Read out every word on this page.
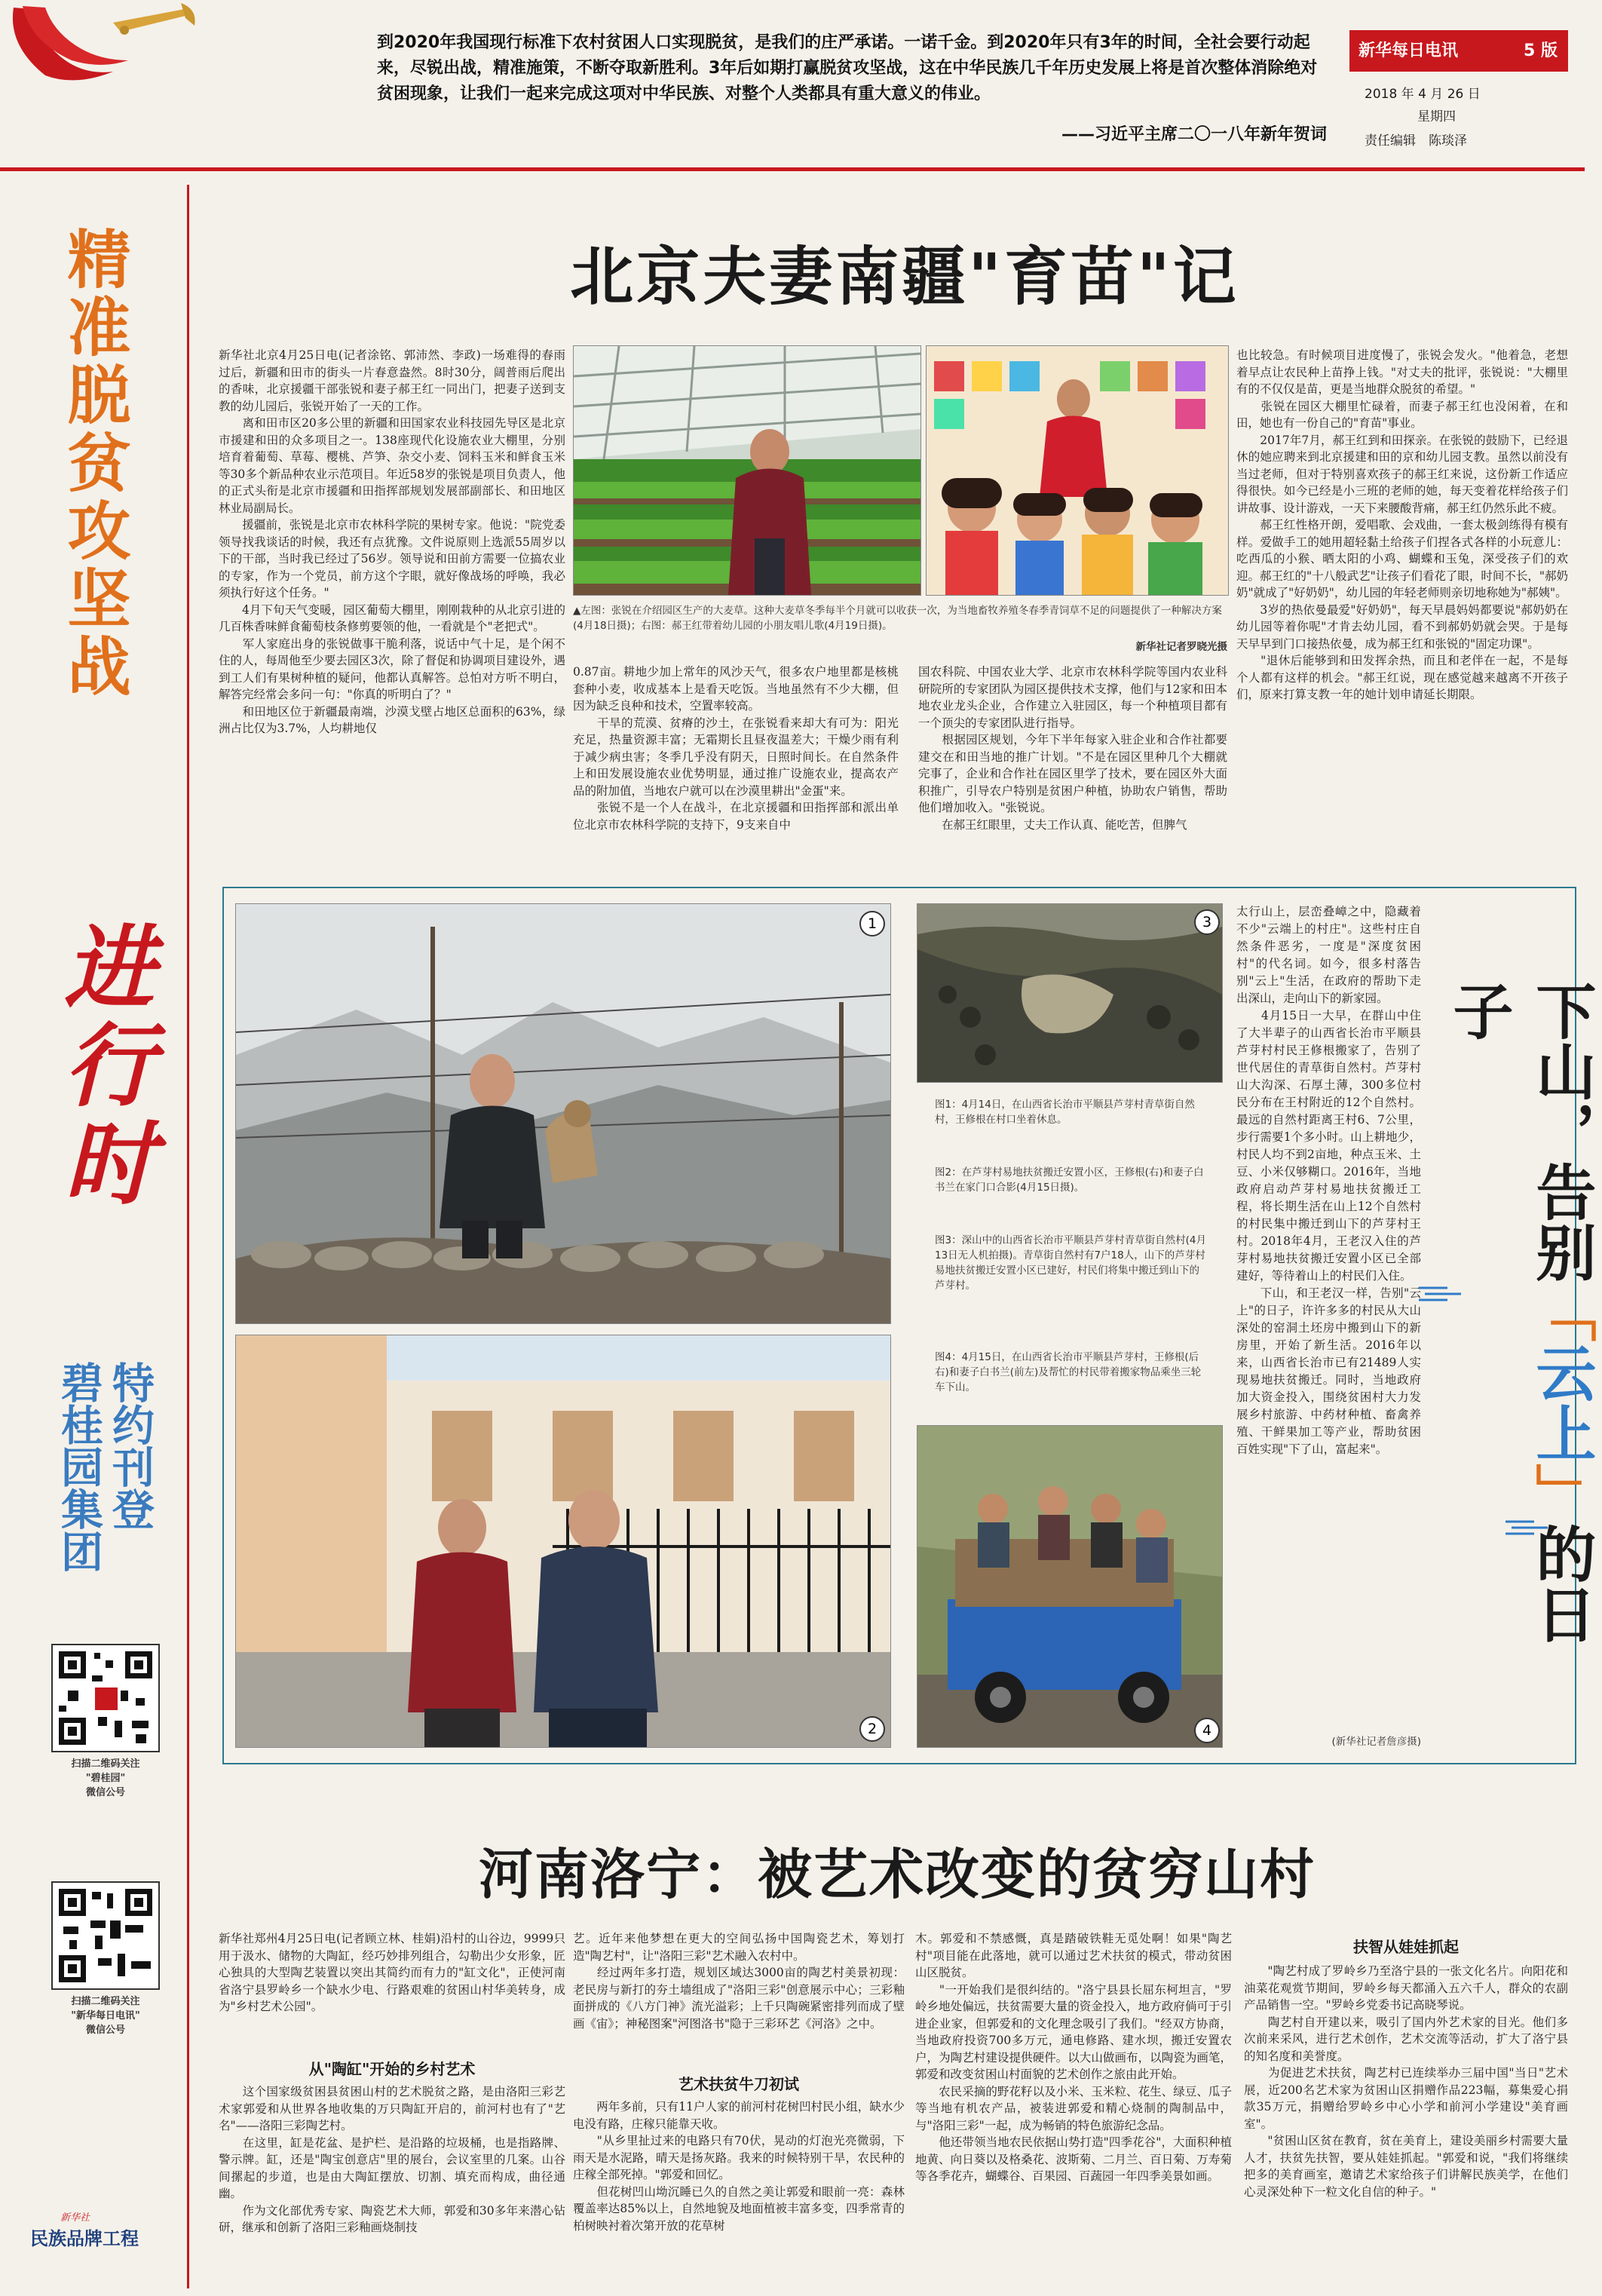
到2020年我国现行标准下农村贫困人口实现脱贫，是我们的庄严承诺。一诺千金。到2020年只有3年的时间，全社会要行动起来，尽锐出战，精准施策，不断夺取新胜利。3年后如期打赢脱贫攻坚战，这在中华民族几千年历史发展上将是首次整体消除绝对贫困现象，让我们一起来完成这项对中华民族、对整个人类都具有重大意义的伟业。
——习近平主席二〇一八年新年贺词
新华每日电讯	5 版
2018 年 4 月 26 日
星期四
责任编辑　陈琰泽
精准脱贫攻坚战
进行时
特约刊登
碧桂园集团
扫描二维码关注
"碧桂园"
微信公号
扫描二维码关注
"新华每日电讯"
微信公号
新华社
民族品牌工程
北京夫妻南疆"育苗"记
新华社北京4月25日电(记者涂铭、郭沛然、李政)一场难得的春雨过后，新疆和田市的街头一片春意盎然。8时30分，阔普雨后爬出的香味，北京援疆干部张锐和妻子郝王红一同出门，把妻子送到支教的幼儿园后，张锐开始了一天的工作。
　　离和田市区20多公里的新疆和田国家农业科技园先导区是北京市援建和田的众多项目之一。138座现代化设施农业大棚里，分别培育着葡萄、草莓、樱桃、芦笋、杂交小麦、饲料玉米和鲜食玉米等30多个新品种农业示范项目。年近58岁的张锐是项目负责人，他的正式头衔是北京市援疆和田指挥部规划发展部副部长、和田地区林业局副局长。
　　援疆前，张锐是北京市农林科学院的果树专家。他说："院党委领导找我谈话的时候，我还有点犹豫。文件说原则上选派55周岁以下的干部，当时我已经过了56岁。领导说和田前方需要一位搞农业的专家，作为一个党员，前方这个字眼，就好像战场的呼唤，我必须执行好这个任务。"
　　4月下旬天气变暖，园区葡萄大棚里，刚刚栽种的从北京引进的几百株香味鲜食葡萄枝条修剪要领的他，一看就是个"老把式"。
　　军人家庭出身的张锐做事干脆利落，说话中气十足，是个闲不住的人，每周他至少要去园区3次，除了督促和协调项目建设外，遇到工人们有果树种植的疑问，他都认真解答。总怕对方听不明白，解答完经常会多问一句："你真的听明白了？"
　　和田地区位于新疆最南端，沙漠戈壁占地区总面积的63%，绿洲占比仅为3.7%，人均耕地仅
▲左图：张锐在介绍园区生产的大麦草。这种大麦草冬季每半个月就可以收获一次，为当地畜牧养殖冬春季青饲草不足的问题提供了一种解决方案(4月18日摄)；右图：郝王红带着幼儿园的小朋友唱儿歌(4月19日摄)。
新华社记者罗晓光摄
0.87亩。耕地少加上常年的风沙天气，很多农户地里都是核桃套种小麦，收成基本上是看天吃饭。当地虽然有不少大棚，但因为缺乏良种和技术，空置率较高。
　　干旱的荒漠、贫瘠的沙土，在张锐看来却大有可为：阳光充足，热量资源丰富；无霜期长且昼夜温差大；干燥少雨有利于减少病虫害；冬季几乎没有阴天，日照时间长。在自然条件上和田发展设施农业优势明显，通过推广设施农业，提高农产品的附加值，当地农户就可以在沙漠里耕出"金蛋"来。
　　张锐不是一个人在战斗，在北京援疆和田指挥部和派出单位北京市农林科学院的支持下，9支来自中
国农科院、中国农业大学、北京市农林科学院等国内农业科研院所的专家团队为园区提供技术支撑，他们与12家和田本地农业龙头企业，合作建立入驻园区，每一个种植项目都有一个顶尖的专家团队进行指导。
　　根据园区规划，今年下半年每家入驻企业和合作社都要建交在和田当地的推广计划。"不是在园区里种几个大棚就完事了，企业和合作社在园区里学了技术，要在园区外大面积推广，引导农户特别是贫困户种植，协助农户销售，帮助他们增加收入。"张锐说。
　　在郝王红眼里，丈夫工作认真、能吃苦，但脾气
也比较急。有时候项目进度慢了，张锐会发火。"他着急，老想着早点让农民种上苗挣上钱。"对丈夫的批评，张锐说："大棚里有的不仅仅是苗，更是当地群众脱贫的希望。"
　　张锐在园区大棚里忙碌着，而妻子郝王红也没闲着，在和田，她也有一份自己的"育苗"事业。
　　2017年7月，郝王红到和田探亲。在张锐的鼓励下，已经退休的她应聘来到北京援建和田的京和幼儿园支教。虽然以前没有当过老师，但对于特别喜欢孩子的郝王红来说，这份新工作适应得很快。如今已经是小三班的老师的她，每天变着花样给孩子们讲故事、设计游戏，一天下来腰酸背痛，郝王红仍然乐此不疲。
　　郝王红性格开朗，爱唱歌、会戏曲，一套太极剑练得有模有样。爱做手工的她用超轻黏土给孩子们捏各式各样的小玩意儿：吃西瓜的小猴、晒太阳的小鸡、蝴蝶和玉兔，深受孩子们的欢迎。郝王红的"十八般武艺"让孩子们看花了眼，时间不长，"郝奶奶"就成了"好奶奶"，幼儿园的年轻老师则亲切地称她为"郝姨"。
　　3岁的热依曼最爱"好奶奶"，每天早晨妈妈都要说"郝奶奶在幼儿园等着你呢"才肯去幼儿园，看不到郝奶奶就会哭。于是每天早早到门口接热依曼，成为郝王红和张锐的"固定功课"。
　　"退休后能够到和田发挥余热，而且和老伴在一起，不是每个人都有这样的机会。"郝王红说，现在感觉越来越离不开孩子们，原来打算支教一年的她计划申请延长期限。
1
2
3
图1：4月14日，在山西省长治市平顺县芦芽村青草街自然村，王修根在村口坐着休息。
图2：在芦芽村易地扶贫搬迁安置小区，王修根(右)和妻子白书兰在家门口合影(4月15日摄)。
图3：深山中的山西省长治市平顺县芦芽村青草街自然村(4月13日无人机拍摄)。青草街自然村有7户18人，山下的芦芽村易地扶贫搬迁安置小区已建好，村民们将集中搬迁到山下的芦芽村。
图4：4月15日，在山西省长治市平顺县芦芽村，王修根(后右)和妻子白书兰(前左)及帮忙的村民带着搬家物品乘坐三轮车下山。
4
太行山上，层峦叠嶂之中，隐藏着不少"云端上的村庄"。这些村庄自然条件恶劣，一度是"深度贫困村"的代名词。如今，很多村落告别"云上"生活，在政府的帮助下走出深山，走向山下的新家园。
　　4月15日一大早，在群山中住了大半辈子的山西省长治市平顺县芦芽村村民王修根搬家了，告别了世代居住的青草街自然村。芦芽村山大沟深、石厚土薄，300多位村民分布在王村附近的12个自然村。最远的自然村距离王村6、7公里，步行需要1个多小时。山上耕地少，村民人均不到2亩地，种点玉米、土豆、小米仅够糊口。2016年，当地政府启动芦芽村易地扶贫搬迁工程，将长期生活在山上12个自然村的村民集中搬迁到山下的芦芽村王村。2018年4月，王老汉入住的芦芽村易地扶贫搬迁安置小区已全部建好，等待着山上的村民们入住。
　　下山，和王老汉一样，告别"云上"的日子，许许多多的村民从大山深处的窑洞土坯房中搬到山下的新房里，开始了新生活。2016年以来，山西省长治市已有21489人实现易地扶贫搬迁。同时，当地政府加大资金投入，围绕贫困村大力发展乡村旅游、中药材种植、畜禽养殖、干鲜果加工等产业，帮助贫困百姓实现"下了山，富起来"。
(新华社记者詹彦摄)
下山，告别「云上」的日子
河南洛宁：被艺术改变的贫穷山村
新华社郑州4月25日电(记者顾立林、桂娟)沿村的山谷边，9999只用于汲水、储物的大陶缸，经巧妙排列组合，勾勒出少女形象，匠心独具的大型陶艺装置以突出其简约而有力的"缸文化"，正使河南省洛宁县罗岭乡一个缺水少电、行路艰难的贫困山村华美转身，成为"乡村艺术公园"。
从"陶缸"开始的乡村艺术
　　这个国家级贫困县贫困山村的艺术脱贫之路，是由洛阳三彩艺术家郭爱和从世界各地收集的万只陶缸开启的，前河村也有了"艺名"——洛阳三彩陶艺村。
　　在这里，缸是花盆、是护栏、是沿路的垃圾桶，也是指路牌、警示牌。缸，还是"陶宝创意店"里的展台，会议室里的几案。山谷间摞起的步道，也是由大陶缸摆放、切割、填充而构成，曲径通幽。
　　作为文化部优秀专家、陶瓷艺术大师，郭爱和30多年来潜心钻研，继承和创新了洛阳三彩釉画烧制技
艺。近年来他梦想在更大的空间弘扬中国陶瓷艺术，筹划打造"陶艺村"，让"洛阳三彩"艺术融入农村中。
　　经过两年多打造，规划区域达3000亩的陶艺村美景初现：老民房与新打的夯土墙组成了"洛阳三彩"创意展示中心；三彩釉面拼成的《八方门神》流光溢彩；上千只陶碗紧密排列而成了壁画《宙》；神秘图案"河图洛书"隐于三彩环艺《河洛》之中。
艺术扶贫牛刀初试
　　两年多前，只有11户人家的前河村花树凹村民小组，缺水少电没有路，庄稼只能靠天收。
　　"从乡里扯过来的电路只有70伏，晃动的灯泡光亮微弱，下雨天是水泥路，晴天是扬灰路。我来的时候特别干旱，农民种的庄稼全部死掉。"郭爱和回忆。
　　但花树凹山坳沉睡已久的自然之美让郭爱和眼前一亮：森林覆盖率达85%以上，自然地貌及地面植被丰富多变，四季常青的柏树映衬着次第开放的花草树
木。郭爱和不禁感慨，真是踏破铁鞋无觅处啊！如果"陶艺村"项目能在此落地，就可以通过艺术扶贫的模式，带动贫困山区脱贫。
　　"一开始我们是很纠结的。"洛宁县县长屈东柯坦言，"罗岭乡地处偏远，扶贫需要大量的资金投入，地方政府倘可于引进企业家，但郭爱和的文化理念吸引了我们。"经双方协商，当地政府投资700多万元，通电修路、建水坝，搬迁安置农户，为陶艺村建设提供硬件。以大山做画布，以陶瓷为画笔，郭爱和改变贫困山村面貌的艺术创作之旅由此开始。
　　农民采摘的野花籽以及小米、玉米粒、花生、绿豆、瓜子等当地有机农产品，被装进郭爱和精心烧制的陶制品中，与"洛阳三彩"一起，成为畅销的特色旅游纪念品。
　　他还带领当地农民依据山势打造"四季花谷"，大面积种植地黄、向日葵以及格桑花、波斯菊、二月兰、百日菊、万寿菊等各季花卉，蝴蝶谷、百果园、百蔬园一年四季美景如画。
扶智从娃娃抓起
　　"陶艺村成了罗岭乡乃至洛宁县的一张文化名片。向阳花和油菜花观赏节期间，罗岭乡每天都涌入五六千人，群众的农副产品销售一空。"罗岭乡党委书记高晓琴说。
　　陶艺村自开建以来，吸引了国内外艺术家的目光。他们多次前来采风，进行艺术创作，艺术交流等活动，扩大了洛宁县的知名度和美誉度。
　　为促进艺术扶贫，陶艺村已连续举办三届中国"当日"艺术展，近200名艺术家为贫困山区捐赠作品223幅，募集爱心捐款35万元，捐赠给罗岭乡中心小学和前河小学建设"美育画室"。
　　"贫困山区贫在教育，贫在美育上，建设美丽乡村需要大量人才，扶贫先扶智，要从娃娃抓起。"郭爱和说，"我们将继续把多的美育画室，邀请艺术家给孩子们讲解民族美学，在他们心灵深处种下一粒文化自信的种子。"
